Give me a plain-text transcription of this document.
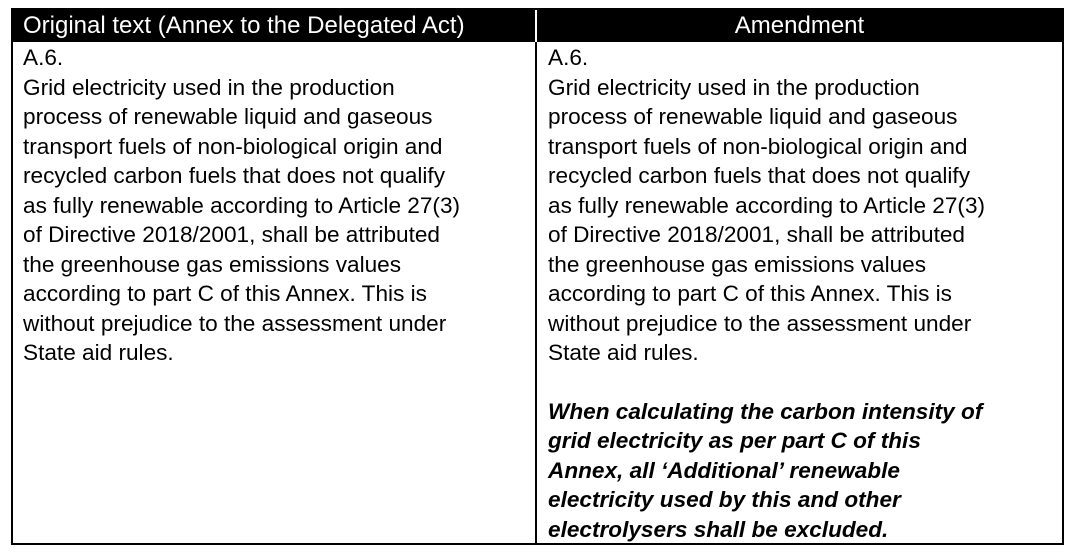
Original text (Annex to the Delegated Act)	Amendment
A.6.
Grid electricity used in the production
process of renewable liquid and gaseous
transport fuels of non-biological origin and
recycled carbon fuels that does not qualify
as fully renewable according to Article 27(3)
of Directive 2018/2001, shall be attributed
the greenhouse gas emissions values
according to part C of this Annex. This is
without prejudice to the assessment under
State aid rules.
A.6.
Grid electricity used in the production
process of renewable liquid and gaseous
transport fuels of non-biological origin and
recycled carbon fuels that does not qualify
as fully renewable according to Article 27(3)
of Directive 2018/2001, shall be attributed
the greenhouse gas emissions values
according to part C of this Annex. This is
without prejudice to the assessment under
State aid rules.
When calculating the carbon intensity of
grid electricity as per part C of this
Annex, all ‘Additional’ renewable
electricity used by this and other
electrolysers shall be excluded.
